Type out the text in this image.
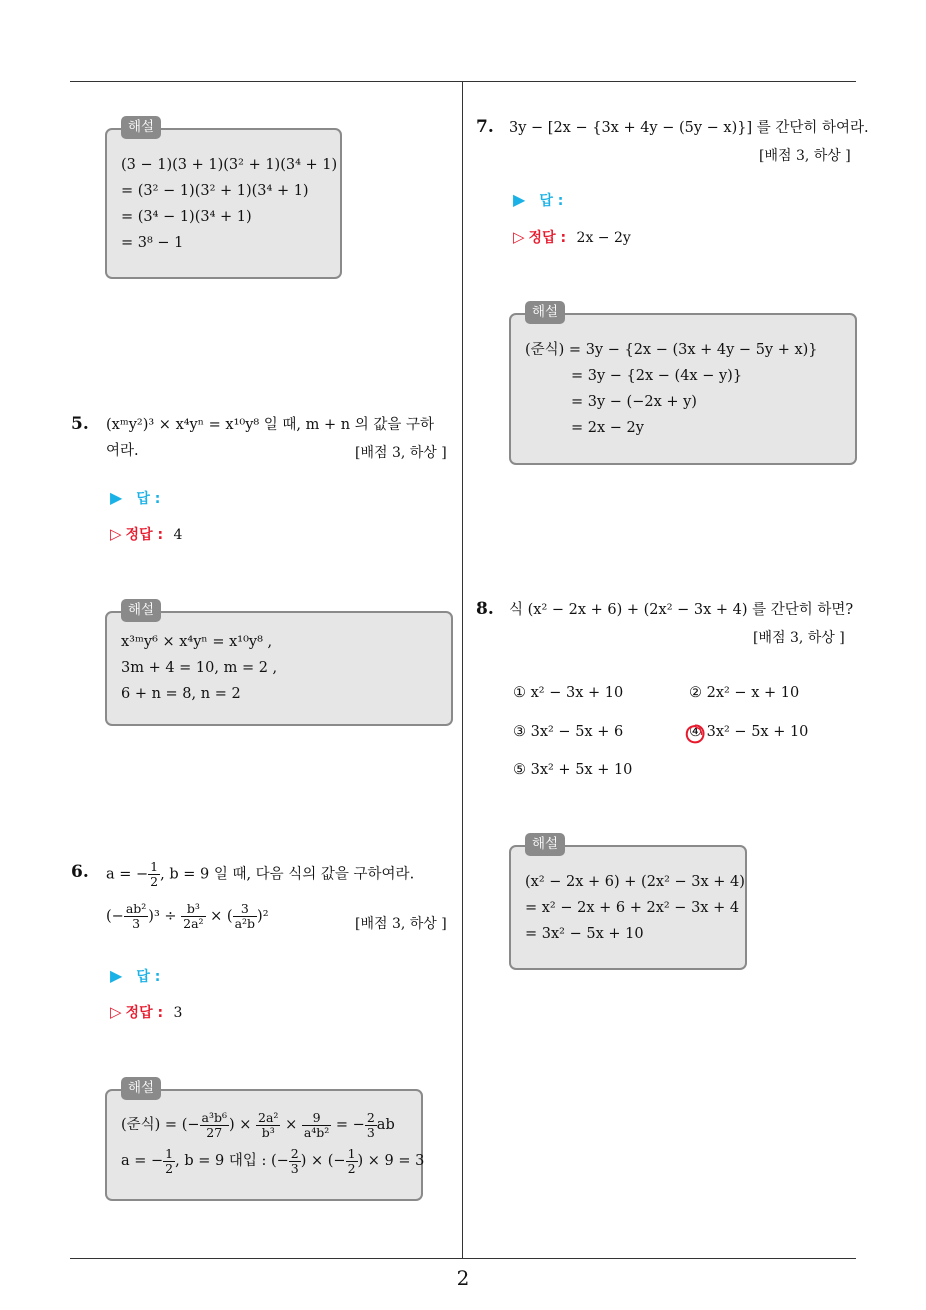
2
해설
(3 − 1)(3 + 1)(3² + 1)(3⁴ + 1)
= (3² − 1)(3² + 1)(3⁴ + 1)
= (3⁴ − 1)(3⁴ + 1)
= 3⁸ − 1
5. (xᵐy²)³ × x⁴yⁿ = x¹⁰y⁸ 일 때, m + n 의 값을 구하
여라.	[배점 3, 하상 ]
▶ 답 :
▷ 정답 : 4
해설
x³ᵐy⁶ × x⁴yⁿ = x¹⁰y⁸ ,
3m + 4 = 10, m = 2 ,
6 + n = 8, n = 2
6. a = − $\frac{1}{2}$ , b = 9 일 때, 다음 식의 값을 구하여라.
(− $\frac{\text{ab²}}{3} )^3 \div \frac{\text{b³}}{\text{2a²}}$ × ( $\frac{3}{\text{a²b}} )^2$	[배점 3, 하상 ]
▶ 답 :
▷ 정답 : 3
해설
(준식) = (− $\frac{\text{a³b⁶}}{27}$ ) × $\frac{\text{2a²}}{\text{b³}} \times \frac{9}{\text{a⁴b²}}$ = − $\frac{2}{3}$ ab
a = − $\frac{1}{2}$ , b = 9 대입 : (− $\frac{2}{3}$ ) × (− $\frac{1}{2}$ ) × 9 = 3
7. 3y − [2x − {3x + 4y − (5y − x)}] 를 간단히 하여라.
[배점 3, 하상 ]
▶ 답 :
▷ 정답 : 2x − 2y
해설
(준식) = 3y − {2x − (3x + 4y − 5y + x)}
= 3y − {2x − (4x − y)}
= 3y − (−2x + y)
= 2x − 2y
8. 식 (x² − 2x + 6) + (2x² − 3x + 4) 를 간단히 하면?
[배점 3, 하상 ]
① x² − 3x + 10	② 2x² − x + 10
③ 3x² − 5x + 6	④ 3x² − 5x + 10
⑤ 3x² + 5x + 10
해설
(x² − 2x + 6) + (2x² − 3x + 4)
= x² − 2x + 6 + 2x² − 3x + 4
= 3x² − 5x + 10
